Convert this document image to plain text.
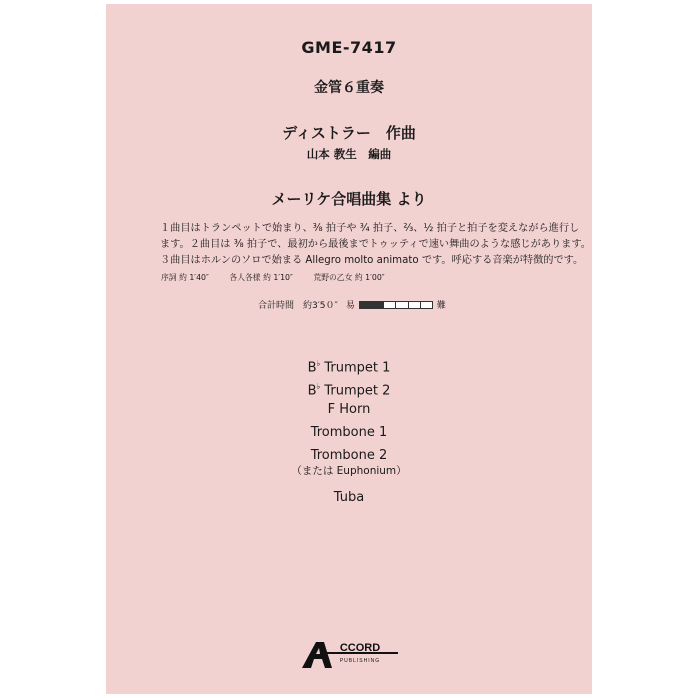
GME-7417
金管６重奏
ディストラー　作曲
山本 教生　編曲
メーリケ合唱曲集 より
１曲目はトランペットで始まり、⅜ 拍子や ¾ 拍子、⅔、½ 拍子と拍子を変えながら進行し
ます。２曲目は ⅜ 拍子で、最初から最後までトゥッティで速い舞曲のような感じがあります。
３曲目はホルンのソロで始まる Allegro molto animato です。呼応する音楽が特徴的です。
序詞 約 1′40″	各人各様 約 1′10″	荒野の乙女 約 1′00″
合計時間　約3′5０″ 易	難
B♭ Trumpet 1
B♭ Trumpet 2
F Horn
Trombone 1
Trombone 2
（または Euphonium）
Tuba
CCORD
PUBLISHING
